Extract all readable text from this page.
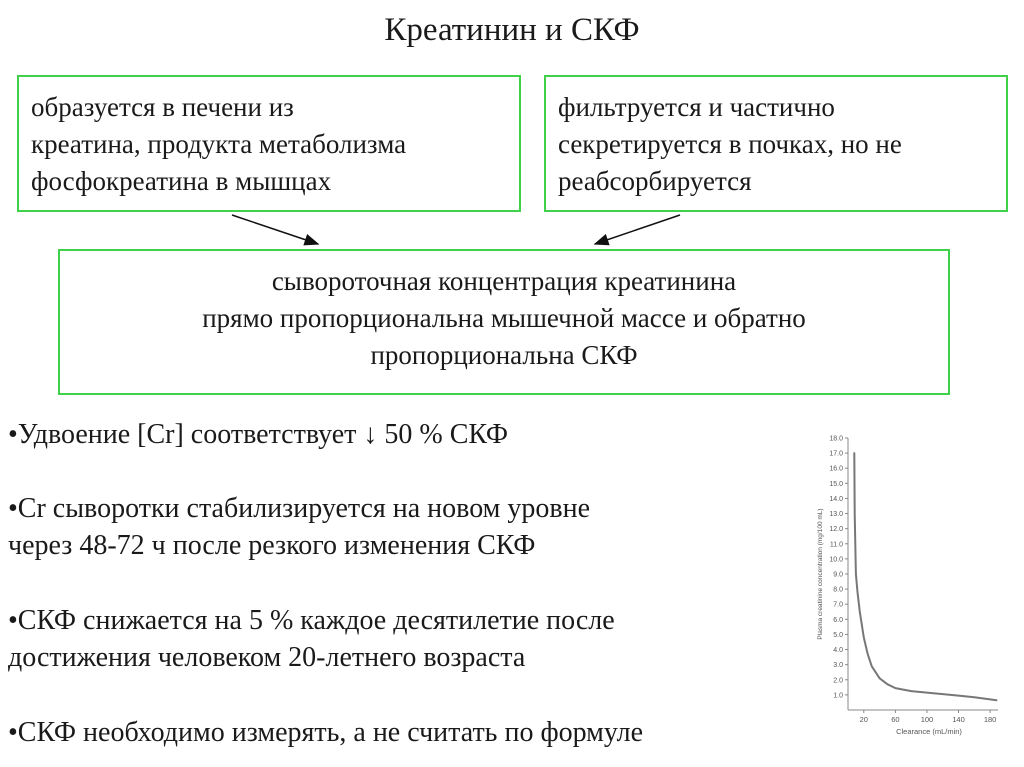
Креатинин и СКФ
образуется в печени из
креатина, продукта метаболизма
фосфокреатина в мышцах
фильтруется и частично
секретируется в почках, но не
реабсорбируется
сывороточная концентрация креатинина
прямо пропорциональна мышечной массе и обратно
пропорциональна СКФ
•Удвоение [Cr] соответствует ↓ 50 % СКФ
•Cr сыворотки стабилизируется на новом уровне
через 48-72 ч после резкого изменения СКФ
•СКФ снижается на 5 % каждое десятилетие после
достижения человеком 20-летнего возраста
•СКФ необходимо измерять, а не считать по формуле
1.0
2.0
3.0
4.0
5.0
6.0
7.0
8.0
9.0
10.0
11.0
12.0
13.0
14.0
15.0
16.0
17.0
18.0
20	60	100	140	180
Clearance (mL/min)
Plasma creatinine concentration (mg/100 mL)
